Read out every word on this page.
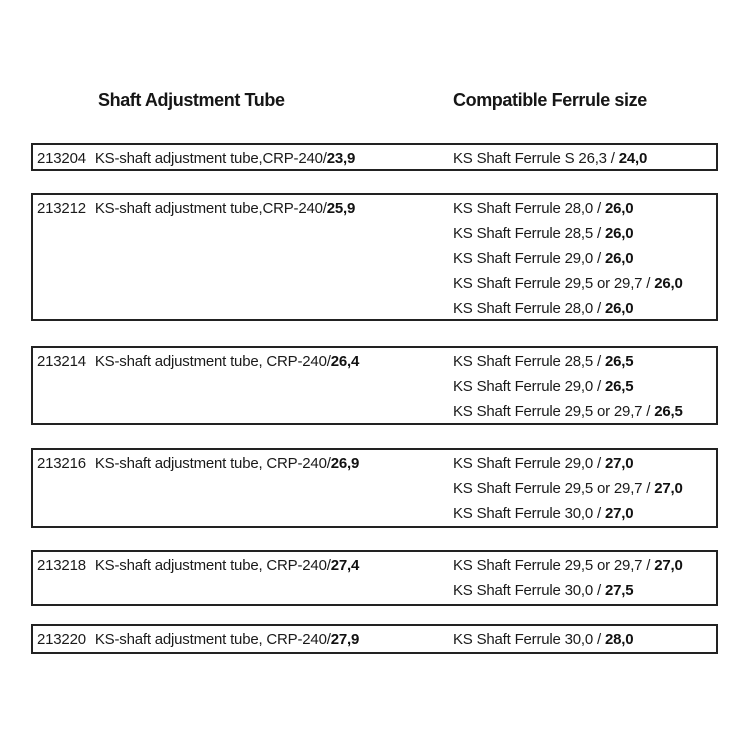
Shaft Adjustment Tube	Compatible Ferrule size
213204 KS-shaft adjustment tube,CRP-240/23,9	KS Shaft Ferrule S 26,3 / 24,0
213212 KS-shaft adjustment tube,CRP-240/25,9	KS Shaft Ferrule 28,0 / 26,0
KS Shaft Ferrule 28,5 / 26,0
KS Shaft Ferrule 29,0 / 26,0
KS Shaft Ferrule 29,5 or 29,7 / 26,0
KS Shaft Ferrule 28,0 / 26,0
213214 KS-shaft adjustment tube, CRP-240/26,4	KS Shaft Ferrule 28,5 / 26,5
KS Shaft Ferrule 29,0 / 26,5
KS Shaft Ferrule 29,5 or 29,7 / 26,5
213216 KS-shaft adjustment tube, CRP-240/26,9	KS Shaft Ferrule 29,0 / 27,0
KS Shaft Ferrule 29,5 or 29,7 / 27,0
KS Shaft Ferrule 30,0 / 27,0
213218 KS-shaft adjustment tube, CRP-240/27,4	KS Shaft Ferrule 29,5 or 29,7 / 27,0
KS Shaft Ferrule 30,0 / 27,5
213220 KS-shaft adjustment tube, CRP-240/27,9	KS Shaft Ferrule 30,0 / 28,0
